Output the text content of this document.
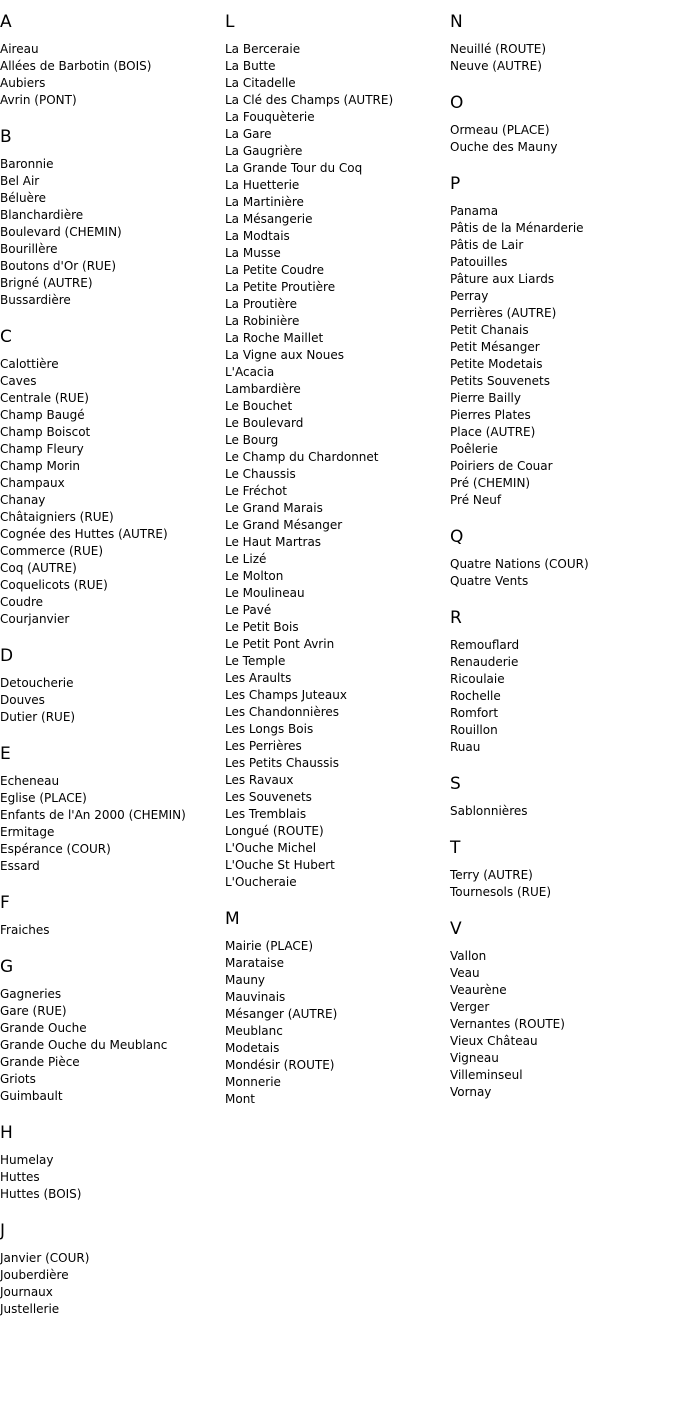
A
Aireau
Allées de Barbotin (BOIS)
Aubiers
Avrin (PONT)
B
Baronnie
Bel Air
Béluère
Blanchardière
Boulevard (CHEMIN)
Bourillère
Boutons d'Or (RUE)
Brigné (AUTRE)
Bussardière
C
Calottière
Caves
Centrale (RUE)
Champ Baugé
Champ Boiscot
Champ Fleury
Champ Morin
Champaux
Chanay
Châtaigniers (RUE)
Cognée des Huttes (AUTRE)
Commerce (RUE)
Coq (AUTRE)
Coquelicots (RUE)
Coudre
Courjanvier
D
Detoucherie
Douves
Dutier (RUE)
E
Echeneau
Eglise (PLACE)
Enfants de l'An 2000 (CHEMIN)
Ermitage
Espérance (COUR)
Essard
F
Fraiches
G
Gagneries
Gare (RUE)
Grande Ouche
Grande Ouche du Meublanc
Grande Pièce
Griots
Guimbault
H
Humelay
Huttes
Huttes (BOIS)
J
Janvier (COUR)
Jouberdière
Journaux
Justellerie
L
La Berceraie
La Butte
La Citadelle
La Clé des Champs (AUTRE)
La Fouquèterie
La Gare
La Gaugrière
La Grande Tour du Coq
La Huetterie
La Martinière
La Mésangerie
La Modtais
La Musse
La Petite Coudre
La Petite Proutière
La Proutière
La Robinière
La Roche Maillet
La Vigne aux Noues
L'Acacia
Lambardière
Le Bouchet
Le Boulevard
Le Bourg
Le Champ du Chardonnet
Le Chaussis
Le Fréchot
Le Grand Marais
Le Grand Mésanger
Le Haut Martras
Le Lizé
Le Molton
Le Moulineau
Le Pavé
Le Petit Bois
Le Petit Pont Avrin
Le Temple
Les Araults
Les Champs Juteaux
Les Chandonnières
Les Longs Bois
Les Perrières
Les Petits Chaussis
Les Ravaux
Les Souvenets
Les Tremblais
Longué (ROUTE)
L'Ouche Michel
L'Ouche St Hubert
L'Oucheraie
M
Mairie (PLACE)
Marataise
Mauny
Mauvinais
Mésanger (AUTRE)
Meublanc
Modetais
Mondésir (ROUTE)
Monnerie
Mont
N
Neuillé (ROUTE)
Neuve (AUTRE)
O
Ormeau (PLACE)
Ouche des Mauny
P
Panama
Pâtis de la Ménarderie
Pâtis de Lair
Patouilles
Pâture aux Liards
Perray
Perrières (AUTRE)
Petit Chanais
Petit Mésanger
Petite Modetais
Petits Souvenets
Pierre Bailly
Pierres Plates
Place (AUTRE)
Poêlerie
Poiriers de Couar
Pré (CHEMIN)
Pré Neuf
Q
Quatre Nations (COUR)
Quatre Vents
R
Remouflard
Renauderie
Ricoulaie
Rochelle
Romfort
Rouillon
Ruau
S
Sablonnières
T
Terry (AUTRE)
Tournesols (RUE)
V
Vallon
Veau
Veaurène
Verger
Vernantes (ROUTE)
Vieux Château
Vigneau
Villeminseul
Vornay
